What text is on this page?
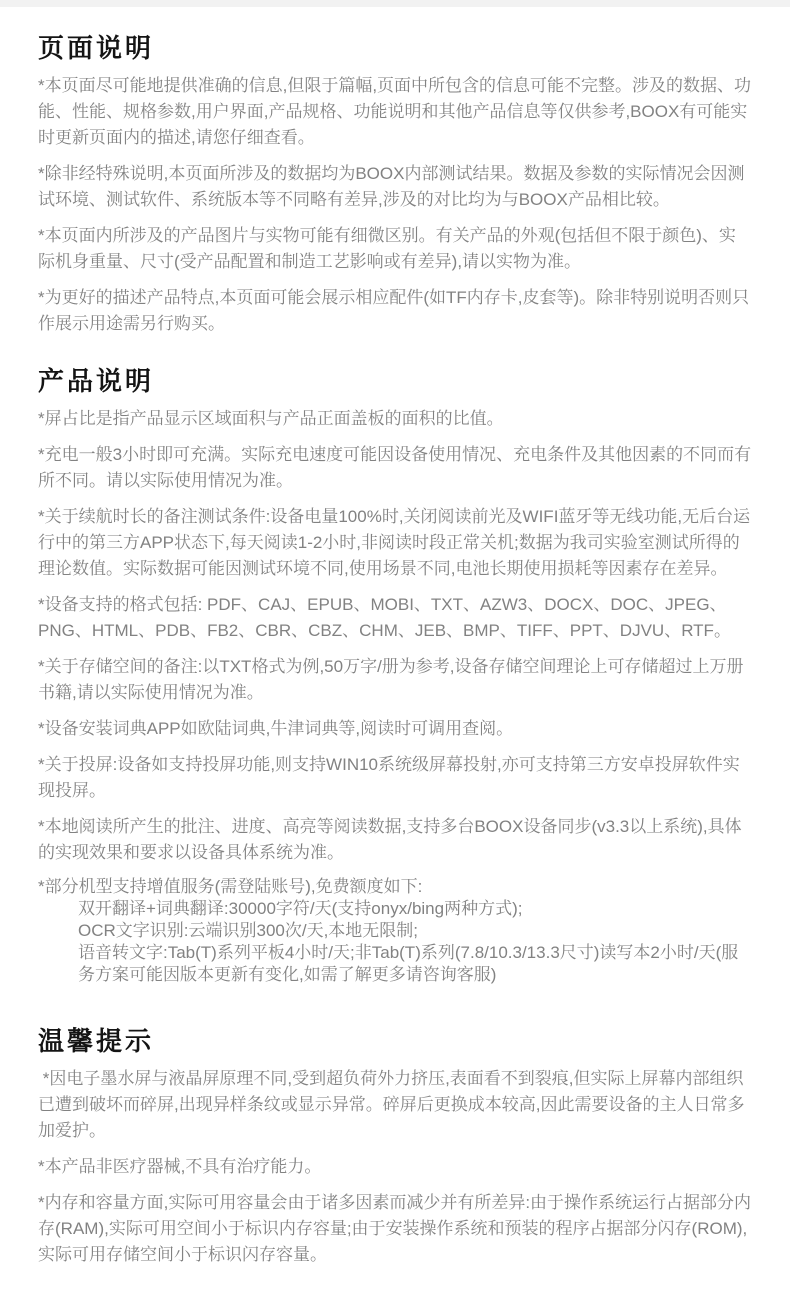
页面说明

*本页面尽可能地提供准确的信息,但限于篇幅,页面中所包含的信息可能不完整。涉及的数据、功能、性能、规格参数,用户界面,产品规格、功能说明和其他产品信息等仅供参考,BOOX有可能实时更新页面内的描述,请您仔细查看。

*除非经特殊说明,本页面所涉及的数据均为BOOX内部测试结果。数据及参数的实际情况会因测试环境、测试软件、系统版本等不同略有差异,涉及的对比均为与BOOX产品相比较。

*本页面内所涉及的产品图片与实物可能有细微区别。有关产品的外观(包括但不限于颜色)、实际机身重量、尺寸(受产品配置和制造工艺影响或有差异),请以实物为准。

*为更好的描述产品特点,本页面可能会展示相应配件(如TF内存卡,皮套等)。除非特别说明否则只作展示用途需另行购买。

产品说明

*屏占比是指产品显示区域面积与产品正面盖板的面积的比值。

*充电一般3小时即可充满。实际充电速度可能因设备使用情况、充电条件及其他因素的不同而有所不同。请以实际使用情况为准。

*关于续航时长的备注测试条件:设备电量100%时,关闭阅读前光及WIFI蓝牙等无线功能,无后台运行中的第三方APP状态下,每天阅读1-2小时,非阅读时段正常关机;数据为我司实验室测试所得的理论数值。实际数据可能因测试环境不同,使用场景不同,电池长期使用损耗等因素存在差异。

*设备支持的格式包括: PDF、CAJ、EPUB、MOBI、TXT、AZW3、DOCX、DOC、JPEG、PNG、HTML、PDB、FB2、CBR、CBZ、CHM、JEB、BMP、TIFF、PPT、DJVU、RTF。

*关于存储空间的备注:以TXT格式为例,50万字/册为参考,设备存储空间理论上可存储超过上万册书籍,请以实际使用情况为准。

*设备安装词典APP如欧陆词典,牛津词典等,阅读时可调用查阅。

*关于投屏:设备如支持投屏功能,则支持WIN10系统级屏幕投射,亦可支持第三方安卓投屏软件实现投屏。

*本地阅读所产生的批注、进度、高亮等阅读数据,支持多台BOOX设备同步(v3.3以上系统),具体的实现效果和要求以设备具体系统为准。

*部分机型支持增值服务(需登陆账号),免费额度如下:

双开翻译+词典翻译:30000字符/天(支持onyx/bing两种方式);

OCR文字识别:云端识别300次/天,本地无限制;

语音转文字:Tab(T)系列平板4小时/天;非Tab(T)系列(7.8/10.3/13.3尺寸)读写本2小时/天(服务方案可能因版本更新有变化,如需了解更多请咨询客服)

温馨提示

*因电子墨水屏与液晶屏原理不同,受到超负荷外力挤压,表面看不到裂痕,但实际上屏幕内部组织已遭到破坏而碎屏,出现异样条纹或显示异常。碎屏后更换成本较高,因此需要设备的主人日常多加爱护。

*本产品非医疗器械,不具有治疗能力。

*内存和容量方面,实际可用容量会由于诸多因素而减少并有所差异:由于操作系统运行占据部分内存(RAM),实际可用空间小于标识内存容量;由于安装操作系统和预装的程序占据部分闪存(ROM),实际可用存储空间小于标识闪存容量。
